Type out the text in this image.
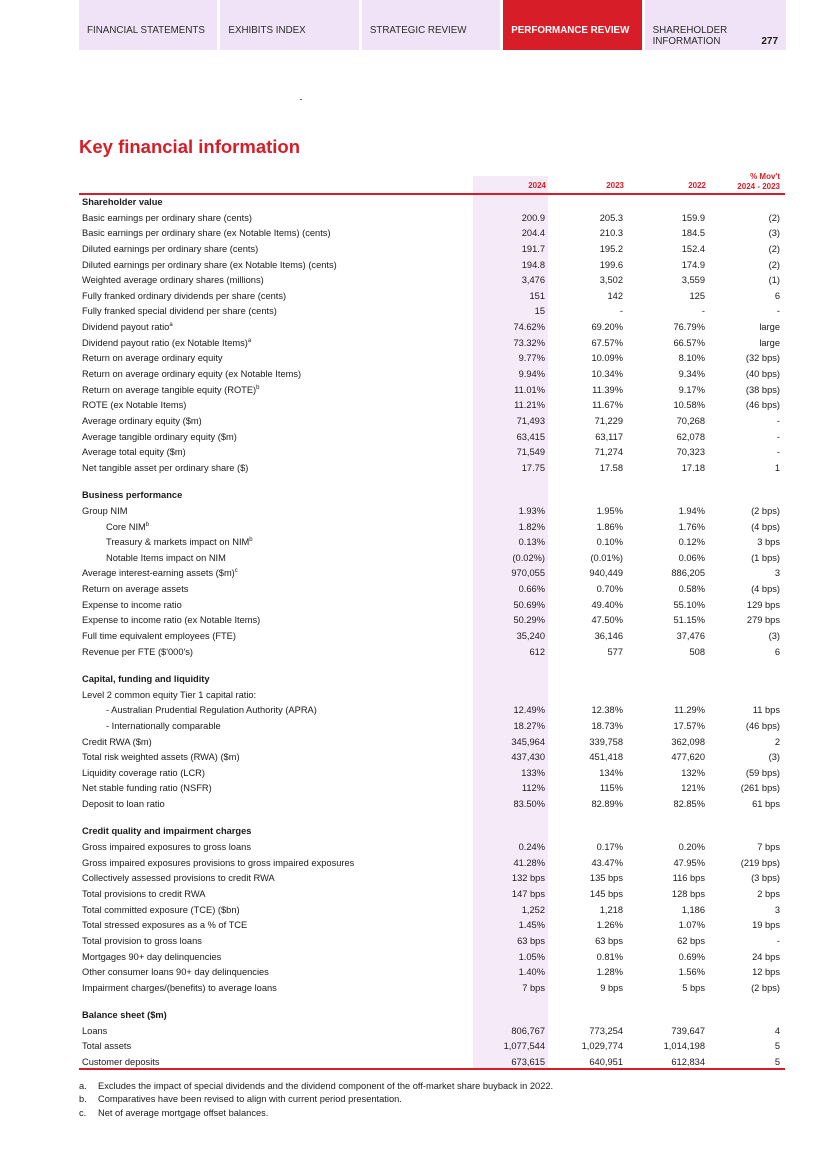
FINANCIAL STATEMENTS	EXHIBITS INDEX	STRATEGIC REVIEW	PERFORMANCE REVIEW	SHAREHOLDER INFORMATION	277
Key financial information
2024	2023	2022
% Mov't
2024 - 2023
Shareholder value
Basic earnings per ordinary share (cents)	200.9	205.3	159.9	(2)
Basic earnings per ordinary share (ex Notable Items) (cents)	204.4	210.3	184.5	(3)
Diluted earnings per ordinary share (cents)	191.7	195.2	152.4	(2)
Diluted earnings per ordinary share (ex Notable Items) (cents)	194.8	199.6	174.9	(2)
Weighted average ordinary shares (millions)	3,476	3,502	3,559	(1)
Fully franked ordinary dividends per share (cents)	151	142	125	6
Fully franked special dividend per share (cents)	15	-	-	-
Dividend payout ratio$^a$	74.62%	69.20%	76.79%	large
Dividend payout ratio (ex Notable Items)$^a$	73.32%	67.57%	66.57%	large
Return on average ordinary equity	9.77%	10.09%	8.10%	(32 bps)
Return on average ordinary equity (ex Notable Items)	9.94%	10.34%	9.34%	(40 bps)
Return on average tangible equity (ROTE)$^b$	11.01%	11.39%	9.17%	(38 bps)
ROTE (ex Notable Items)	11.21%	11.67%	10.58%	(46 bps)
Average ordinary equity ($m)	71,493	71,229	70,268	-
Average tangible ordinary equity ($m)	63,415	63,117	62,078	-
Average total equity ($m)	71,549	71,274	70,323	-
Net tangible asset per ordinary share ($)	17.75	17.58	17.18	1
Business performance
Group NIM	1.93%	1.95%	1.94%	(2 bps)
Core NIM$^b$	1.82%	1.86%	1.76%	(4 bps)
Treasury & markets impact on NIM$^b$	0.13%	0.10%	0.12%	3 bps
Notable Items impact on NIM	(0.02%)	(0.01%)	0.06%	(1 bps)
Average interest-earning assets ($m)$^c$	970,055	940,449	886,205	3
Return on average assets	0.66%	0.70%	0.58%	(4 bps)
Expense to income ratio	50.69%	49.40%	55.10%	129 bps
Expense to income ratio (ex Notable Items)	50.29%	47.50%	51.15%	279 bps
Full time equivalent employees (FTE)	35,240	36,146	37,476	(3)
Revenue per FTE ($'000's)	612	577	508	6
Capital, funding and liquidity
Level 2 common equity Tier 1 capital ratio:
- Australian Prudential Regulation Authority (APRA)	12.49%	12.38%	11.29%	11 bps
- Internationally comparable	18.27%	18.73%	17.57%	(46 bps)
Credit RWA ($m)	345,964	339,758	362,098	2
Total risk weighted assets (RWA) ($m)	437,430	451,418	477,620	(3)
Liquidity coverage ratio (LCR)	133%	134%	132%	(59 bps)
Net stable funding ratio (NSFR)	112%	115%	121%	(261 bps)
Deposit to loan ratio	83.50%	82.89%	82.85%	61 bps
Credit quality and impairment charges
Gross impaired exposures to gross loans	0.24%	0.17%	0.20%	7 bps
Gross impaired exposures provisions to gross impaired exposures	41.28%	43.47%	47.95%	(219 bps)
Collectively assessed provisions to credit RWA	132 bps	135 bps	116 bps	(3 bps)
Total provisions to credit RWA	147 bps	145 bps	128 bps	2 bps
Total committed exposure (TCE) ($bn)	1,252	1,218	1,186	3
Total stressed exposures as a % of TCE	1.45%	1.26%	1.07%	19 bps
Total provision to gross loans	63 bps	63 bps	62 bps	-
Mortgages 90+ day delinquencies	1.05%	0.81%	0.69%	24 bps
Other consumer loans 90+ day delinquencies	1.40%	1.28%	1.56%	12 bps
Impairment charges/(benefits) to average loans	7 bps	9 bps	5 bps	(2 bps)
Balance sheet ($m)
Loans	806,767	773,254	739,647	4
Total assets	1,077,544	1,029,774	1,014,198	5
Customer deposits	673,615	640,951	612,834	5
a. Excludes the impact of special dividends and the dividend component of the off-market share buyback in 2022.
b. Comparatives have been revised to align with current period presentation.
c. Net of average mortgage offset balances.
